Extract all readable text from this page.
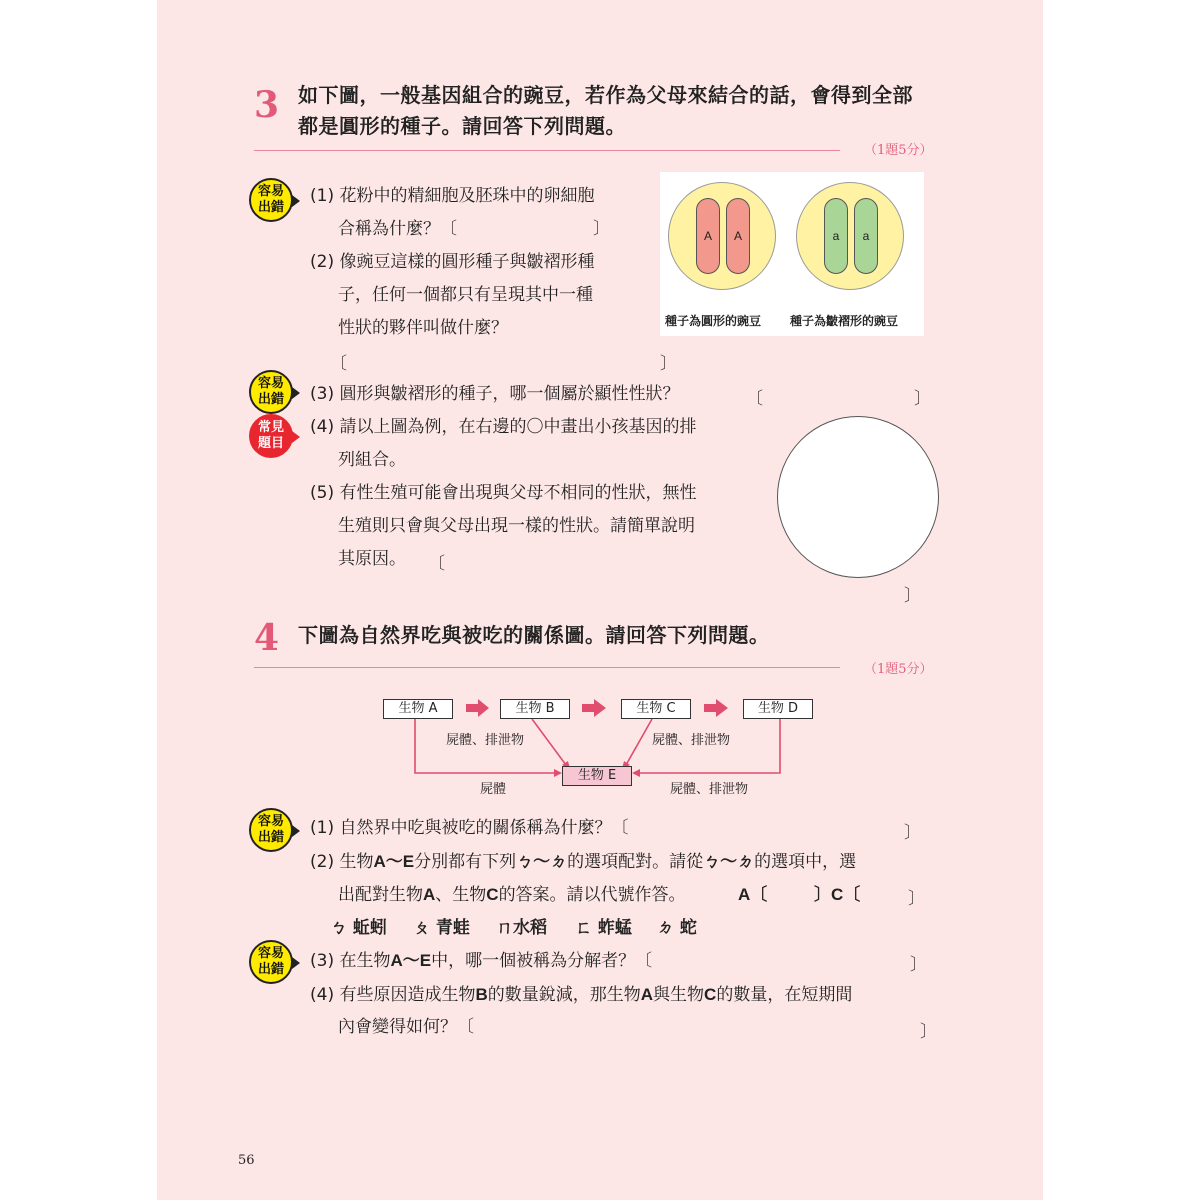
3 如下圖，一般基因組合的豌豆，若作為父母來結合的話，會得到全部
都是圓形的種子。請回答下列問題。
（1題5分）
容易
出錯
容易
出錯
常見
題目
(1) 花粉中的精細胞及胚珠中的卵細胞
合稱為什麼？〔　　　　　　　　〕
(2) 像豌豆這樣的圓形種子與皺褶形種
子，任何一個都只有呈現其中一種
性狀的夥伴叫做什麼？
〔	〕
(3) 圓形與皺褶形的種子，哪一個屬於顯性性狀？	〔	〕
(4) 請以上圖為例，在右邊的〇中畫出小孩基因的排
列組合。
(5) 有性生殖可能會出現與父母不相同的性狀，無性
生殖則只會與父母出現一樣的性狀。請簡單說明
其原因。 〔
〕
A	A	a	a
種子為圓形的豌豆 種子為皺褶形的豌豆
4 下圖為自然界吃與被吃的關係圖。請回答下列問題。
（1題5分）
生物 A	生物 B	生物 C	生物 D
生物 E
屍體、排泄物	屍體、排泄物
屍體	屍體、排泄物
容易
出錯
容易
出錯
(1) 自然界中吃與被吃的關係稱為什麼？〔	〕
(2) 生物A～E分別都有下列ㄅ～ㄉ的選項配對。請從ㄅ～ㄉ的選項中，選
出配對生物A、生物C的答案。請以代號作答。	A〔	〕C〔	〕
ㄅ 蚯蚓 ㄆ 青蛙 ㄇ水稻 ㄈ 蚱蜢 ㄉ 蛇
(3) 在生物A～E中，哪一個被稱為分解者？〔	〕
(4) 有些原因造成生物B的數量銳減，那生物A與生物C的數量，在短期間
內會變得如何？〔	〕
56
